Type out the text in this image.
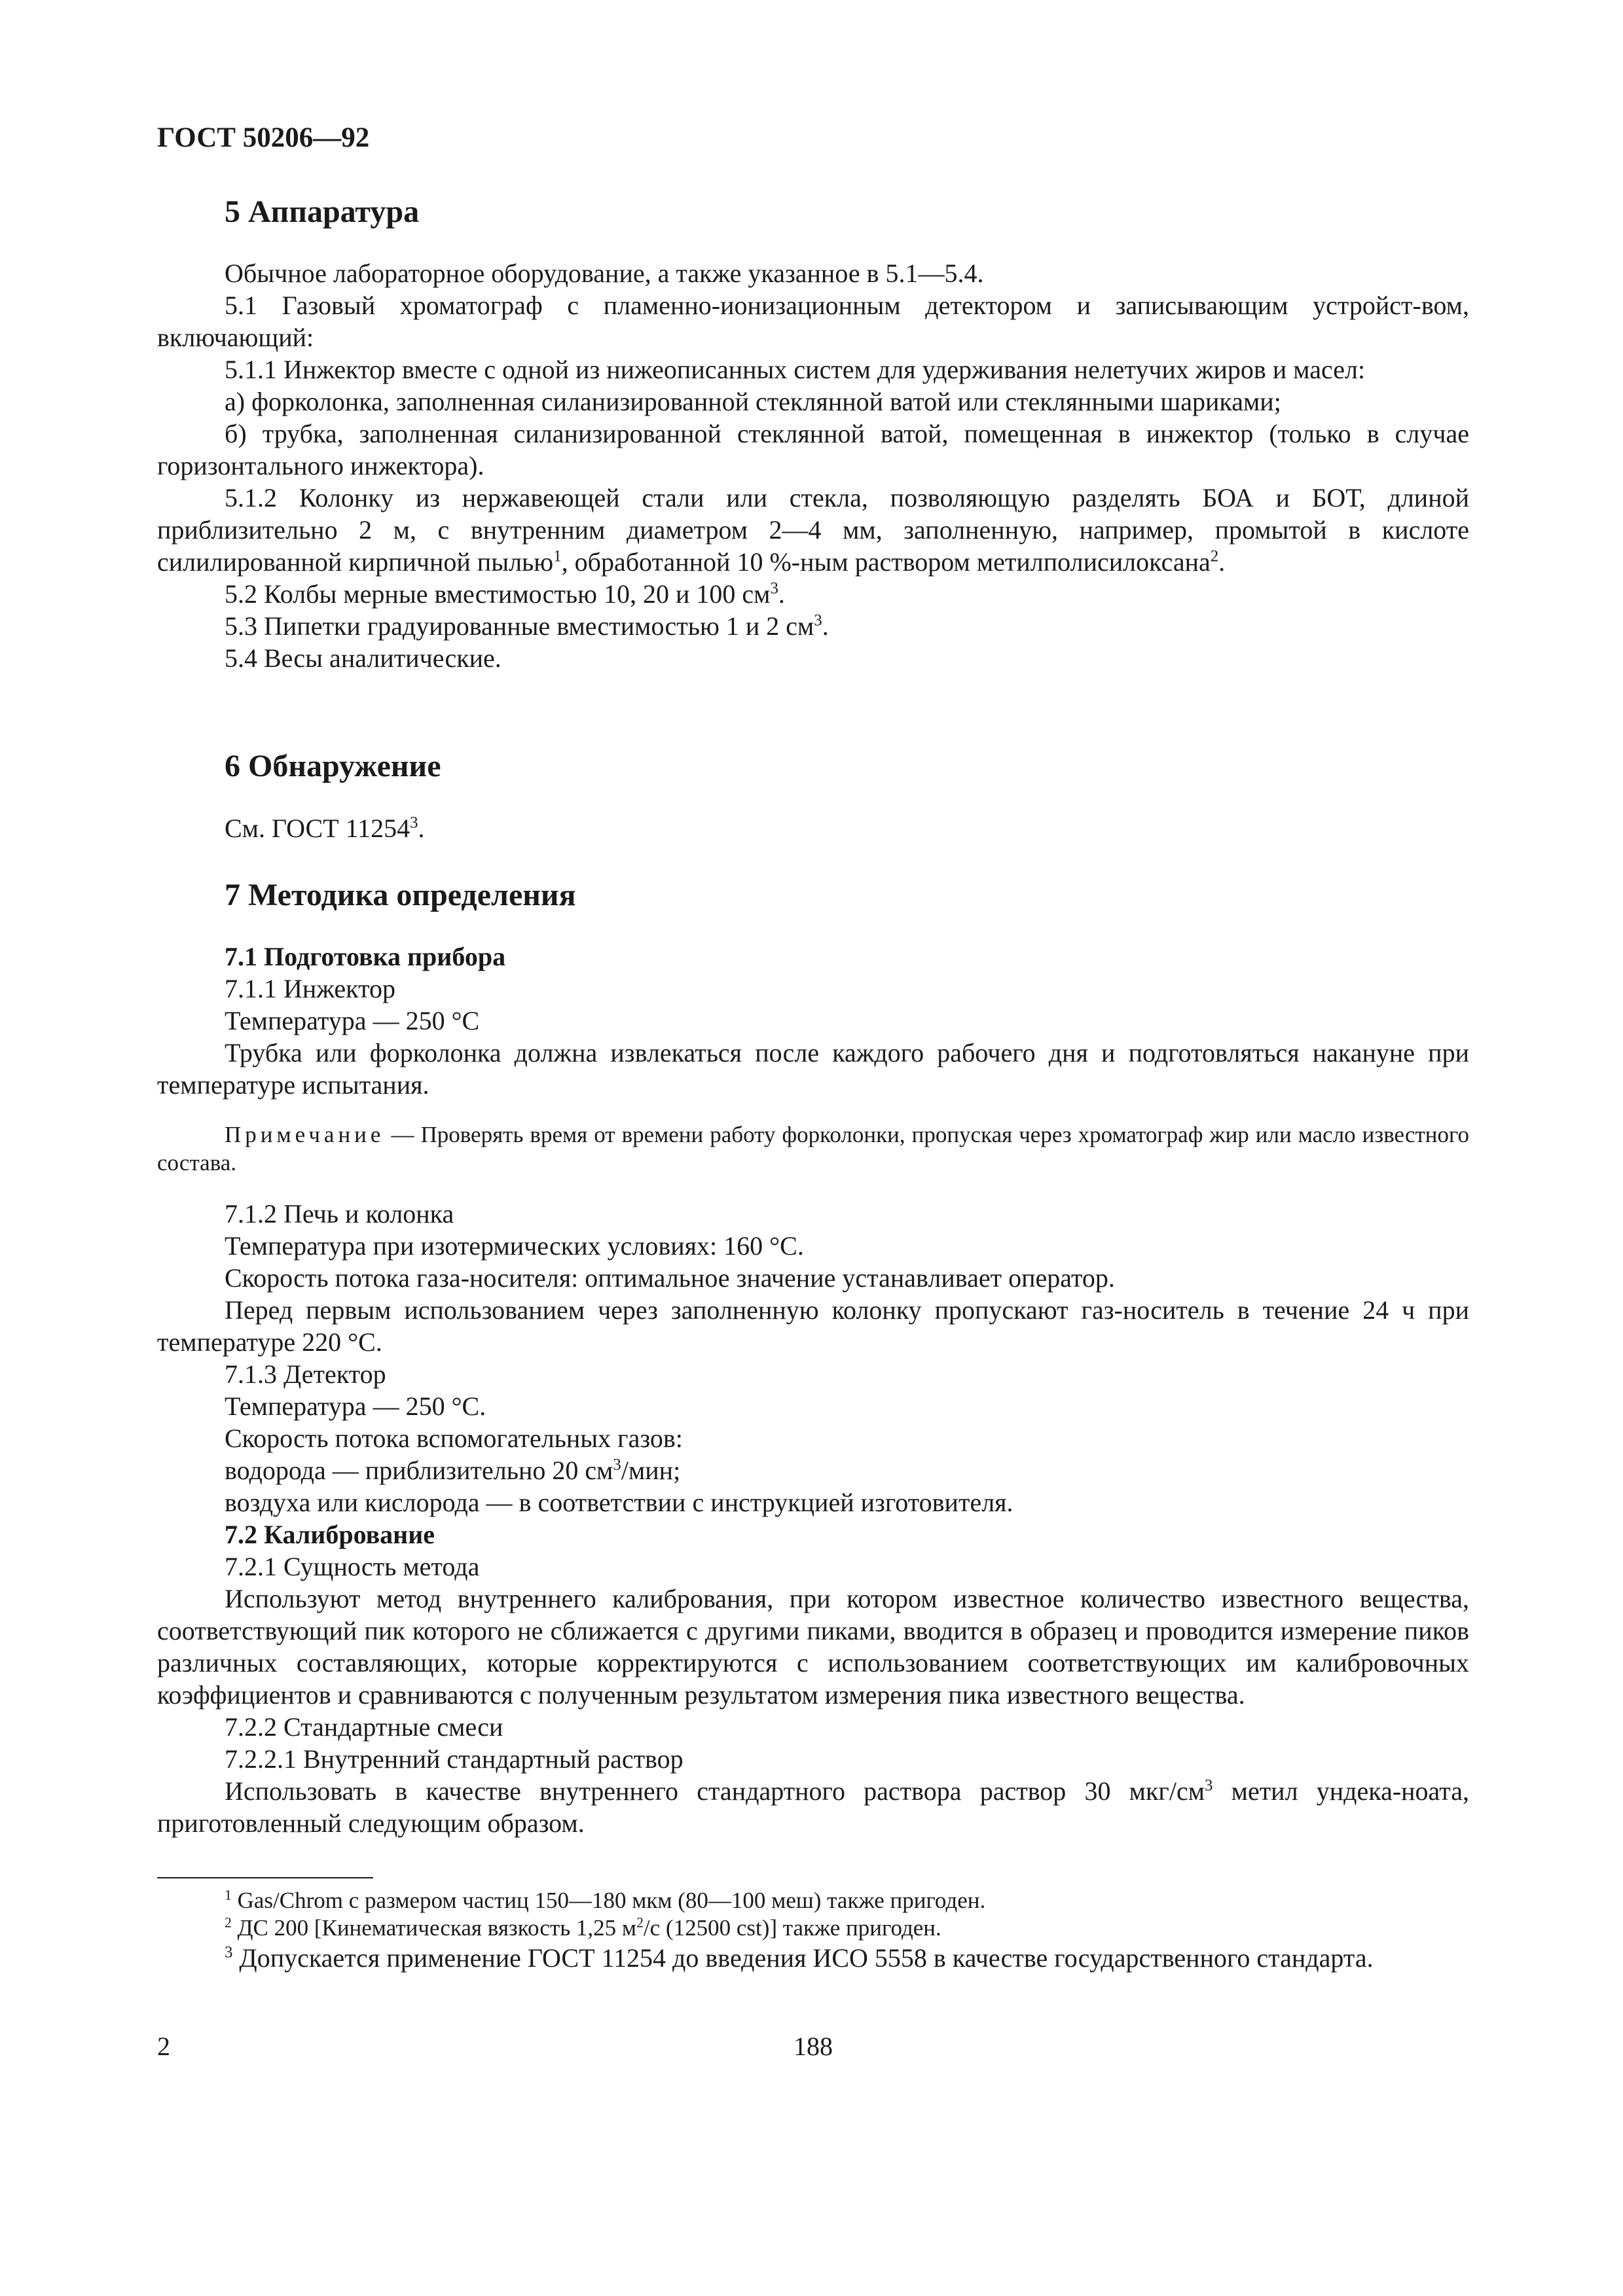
ГОСТ 50206—92
5 Аппаратура

Обычное лабораторное оборудование, а также указанное в 5.1—5.4.

5.1 Газовый хроматограф с пламенно-ионизационным детектором и записывающим устройст-вом, включающий:

5.1.1 Инжектор вместе с одной из нижеописанных систем для удерживания нелетучих жиров и масел:

а) форколонка, заполненная силанизированной стеклянной ватой или стеклянными шариками;

б) трубка, заполненная силанизированной стеклянной ватой, помещенная в инжектор (только в случае горизонтального инжектора).

5.1.2 Колонку из нержавеющей стали или стекла, позволяющую разделять БОА и БОТ, длиной приблизительно 2 м, с внутренним диаметром 2—4 мм, заполненную, например, промытой в кислоте силилированной кирпичной пылью$^1$, обработанной 10 %-ным раствором метилполисилоксана$^2$.

5.2 Колбы мерные вместимостью 10, 20 и 100 $см^3$.

5.3 Пипетки градуированные вместимостью 1 и 2 $см^3$.

5.4 Весы аналитические.

6 Обнаружение

См. ГОСТ 11254$^3$.

7 Методика определения

7.1 Подготовка прибора

7.1.1 Инжектор

Температура — 250 °С

Трубка или форколонка должна извлекаться после каждого рабочего дня и подготовляться накануне при температуре испытания.

Примечание — Проверять время от времени работу форколонки, пропуская через хроматограф жир или масло известного состава.

7.1.2 Печь и колонка

Температура при изотермических условиях: 160 °С.

Скорость потока газа-носителя: оптимальное значение устанавливает оператор.

Перед первым использованием через заполненную колонку пропускают газ-носитель в течение 24 ч при температуре 220 °С.

7.1.3 Детектор

Температура — 250 °С.

Скорость потока вспомогательных газов:

водорода — приблизительно 20 $см^3$/мин;

воздуха или кислорода — в соответствии с инструкцией изготовителя.

7.2 Калибрование

7.2.1 Сущность метода

Используют метод внутреннего калибрования, при котором известное количество известного вещества, соответствующий пик которого не сближается с другими пиками, вводится в образец и проводится измерение пиков различных составляющих, которые корректируются с использованием соответствующих им калибровочных коэффициентов и сравниваются с полученным результатом измерения пика известного вещества.

7.2.2 Стандартные смеси

7.2.2.1 Внутренний стандартный раствор

Использовать в качестве внутреннего стандартного раствора раствор 30 мкг/$см^3$ метил ундека-ноата, приготовленный следующим образом.

$^1$ Gas/Chrom с размером частиц 150—180 мкм (80—100 меш) также пригоден.

$^2$ ДС 200 [Кинематическая вязкость 1,25 $м^2/с$ (12500 cst)] также пригоден.

$^3$ Допускается применение ГОСТ 11254 до введения ИСО 5558 в качестве государственного стандарта.

2	188
